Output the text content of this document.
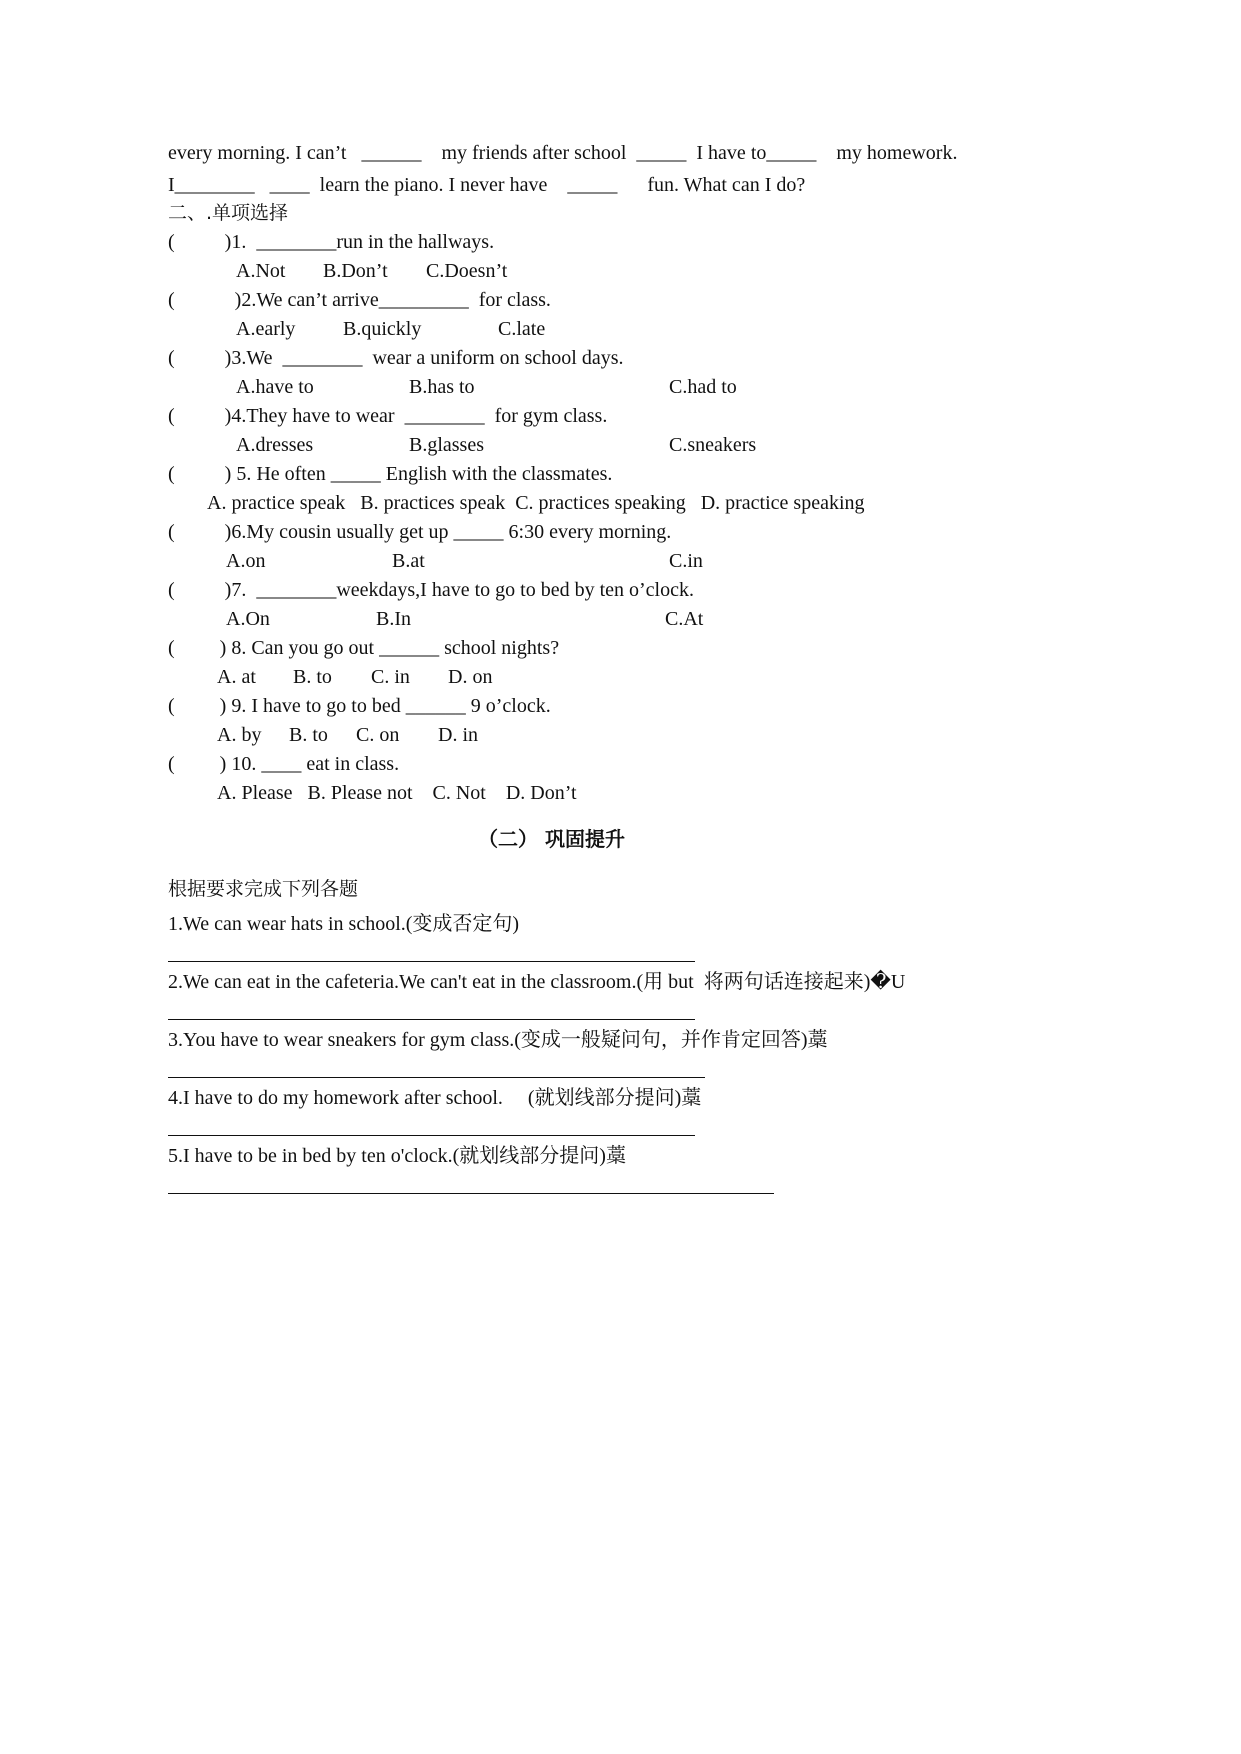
every morning. I can’t   ______    my friends after school  _____  I have to_____    my homework.
I________   ____  learn the piano. I never have    _____      fun. What can I do?
二、.单项选择
(          )1.  ________run in the hallways.
A.Not B.Don’t C.Doesn’t
(            )2.We can’t arrive_________  for class.
A.early B.quickly	C.late
(          )3.We  ________  wear a uniform on school days.
A.have to	B.has to	C.had to
(          )4.They have to wear  ________  for gym class.
A.dresses	B.glasses	C.sneakers
(          ) 5. He often _____ English with the classmates.
A. practice speak   B. practices speak  C. practices speaking   D. practice speaking
(          )6.My cousin usually get up _____ 6:30 every morning.
A.on	B.at	C.in
(          )7.  ________weekdays,I have to go to bed by ten o’clock.
A.On	B.In	C.At
(         ) 8. Can you go out ______ school nights?
A. at B. to C. in D. on
(         ) 9. I have to go to bed ______ 9 o’clock.
A. by B. to C. on D. in
(         ) 10. ____ eat in class.
A. Please   B. Please not    C. Not    D. Don’t
（二） 巩固提升
根据要求完成下列各题
1.We can wear hats in school.(变成否定句)
2.We can eat in the cafeteria.We can't eat in the classroom.(用 but  将两句话连接起来)�U
3.You have to wear sneakers for gym class.(变成一般疑问句，并作肯定回答)藁
4.I have to do my homework after school.     (就划线部分提问)藁
5.I have to be in bed by ten o'clock.(就划线部分提问)藁
